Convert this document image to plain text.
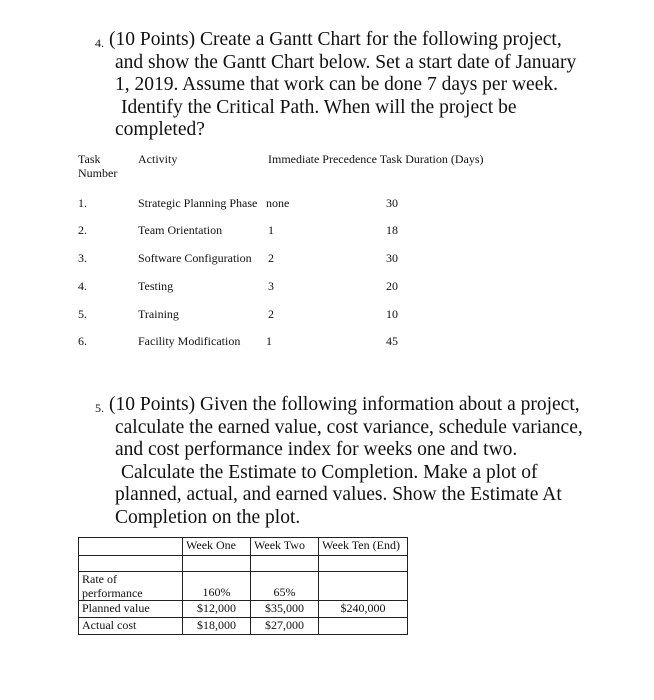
4. (10 Points) Create a Gantt Chart for the following project,
and show the Gantt Chart below. Set a start date of January
1, 2019. Assume that work can be done 7 days per week.
Identify the Critical Path. When will the project be
completed?
Task
Number
Activity	Immediate Precedence Task Duration (Days)
1.	Strategic Planning Phase none	30
2.	Team Orientation	1	18
3.	Software Configuration 2	30
4.	Testing	3	20
5.	Training	2	10
6.	Facility Modification 1	45
5. (10 Points) Given the following information about a project,
calculate the earned value, cost variance, schedule variance,
and cost performance index for weeks one and two.
Calculate the Estimate to Completion. Make a plot of
planned, actual, and earned values. Show the Estimate At
Completion on the plot.
	Week One	Week Two	Week Ten (End)

Rate of
performance	160%	65%	
Planned value	$12,000	$35,000	$240,000
Actual cost	$18,000	$27,000	
